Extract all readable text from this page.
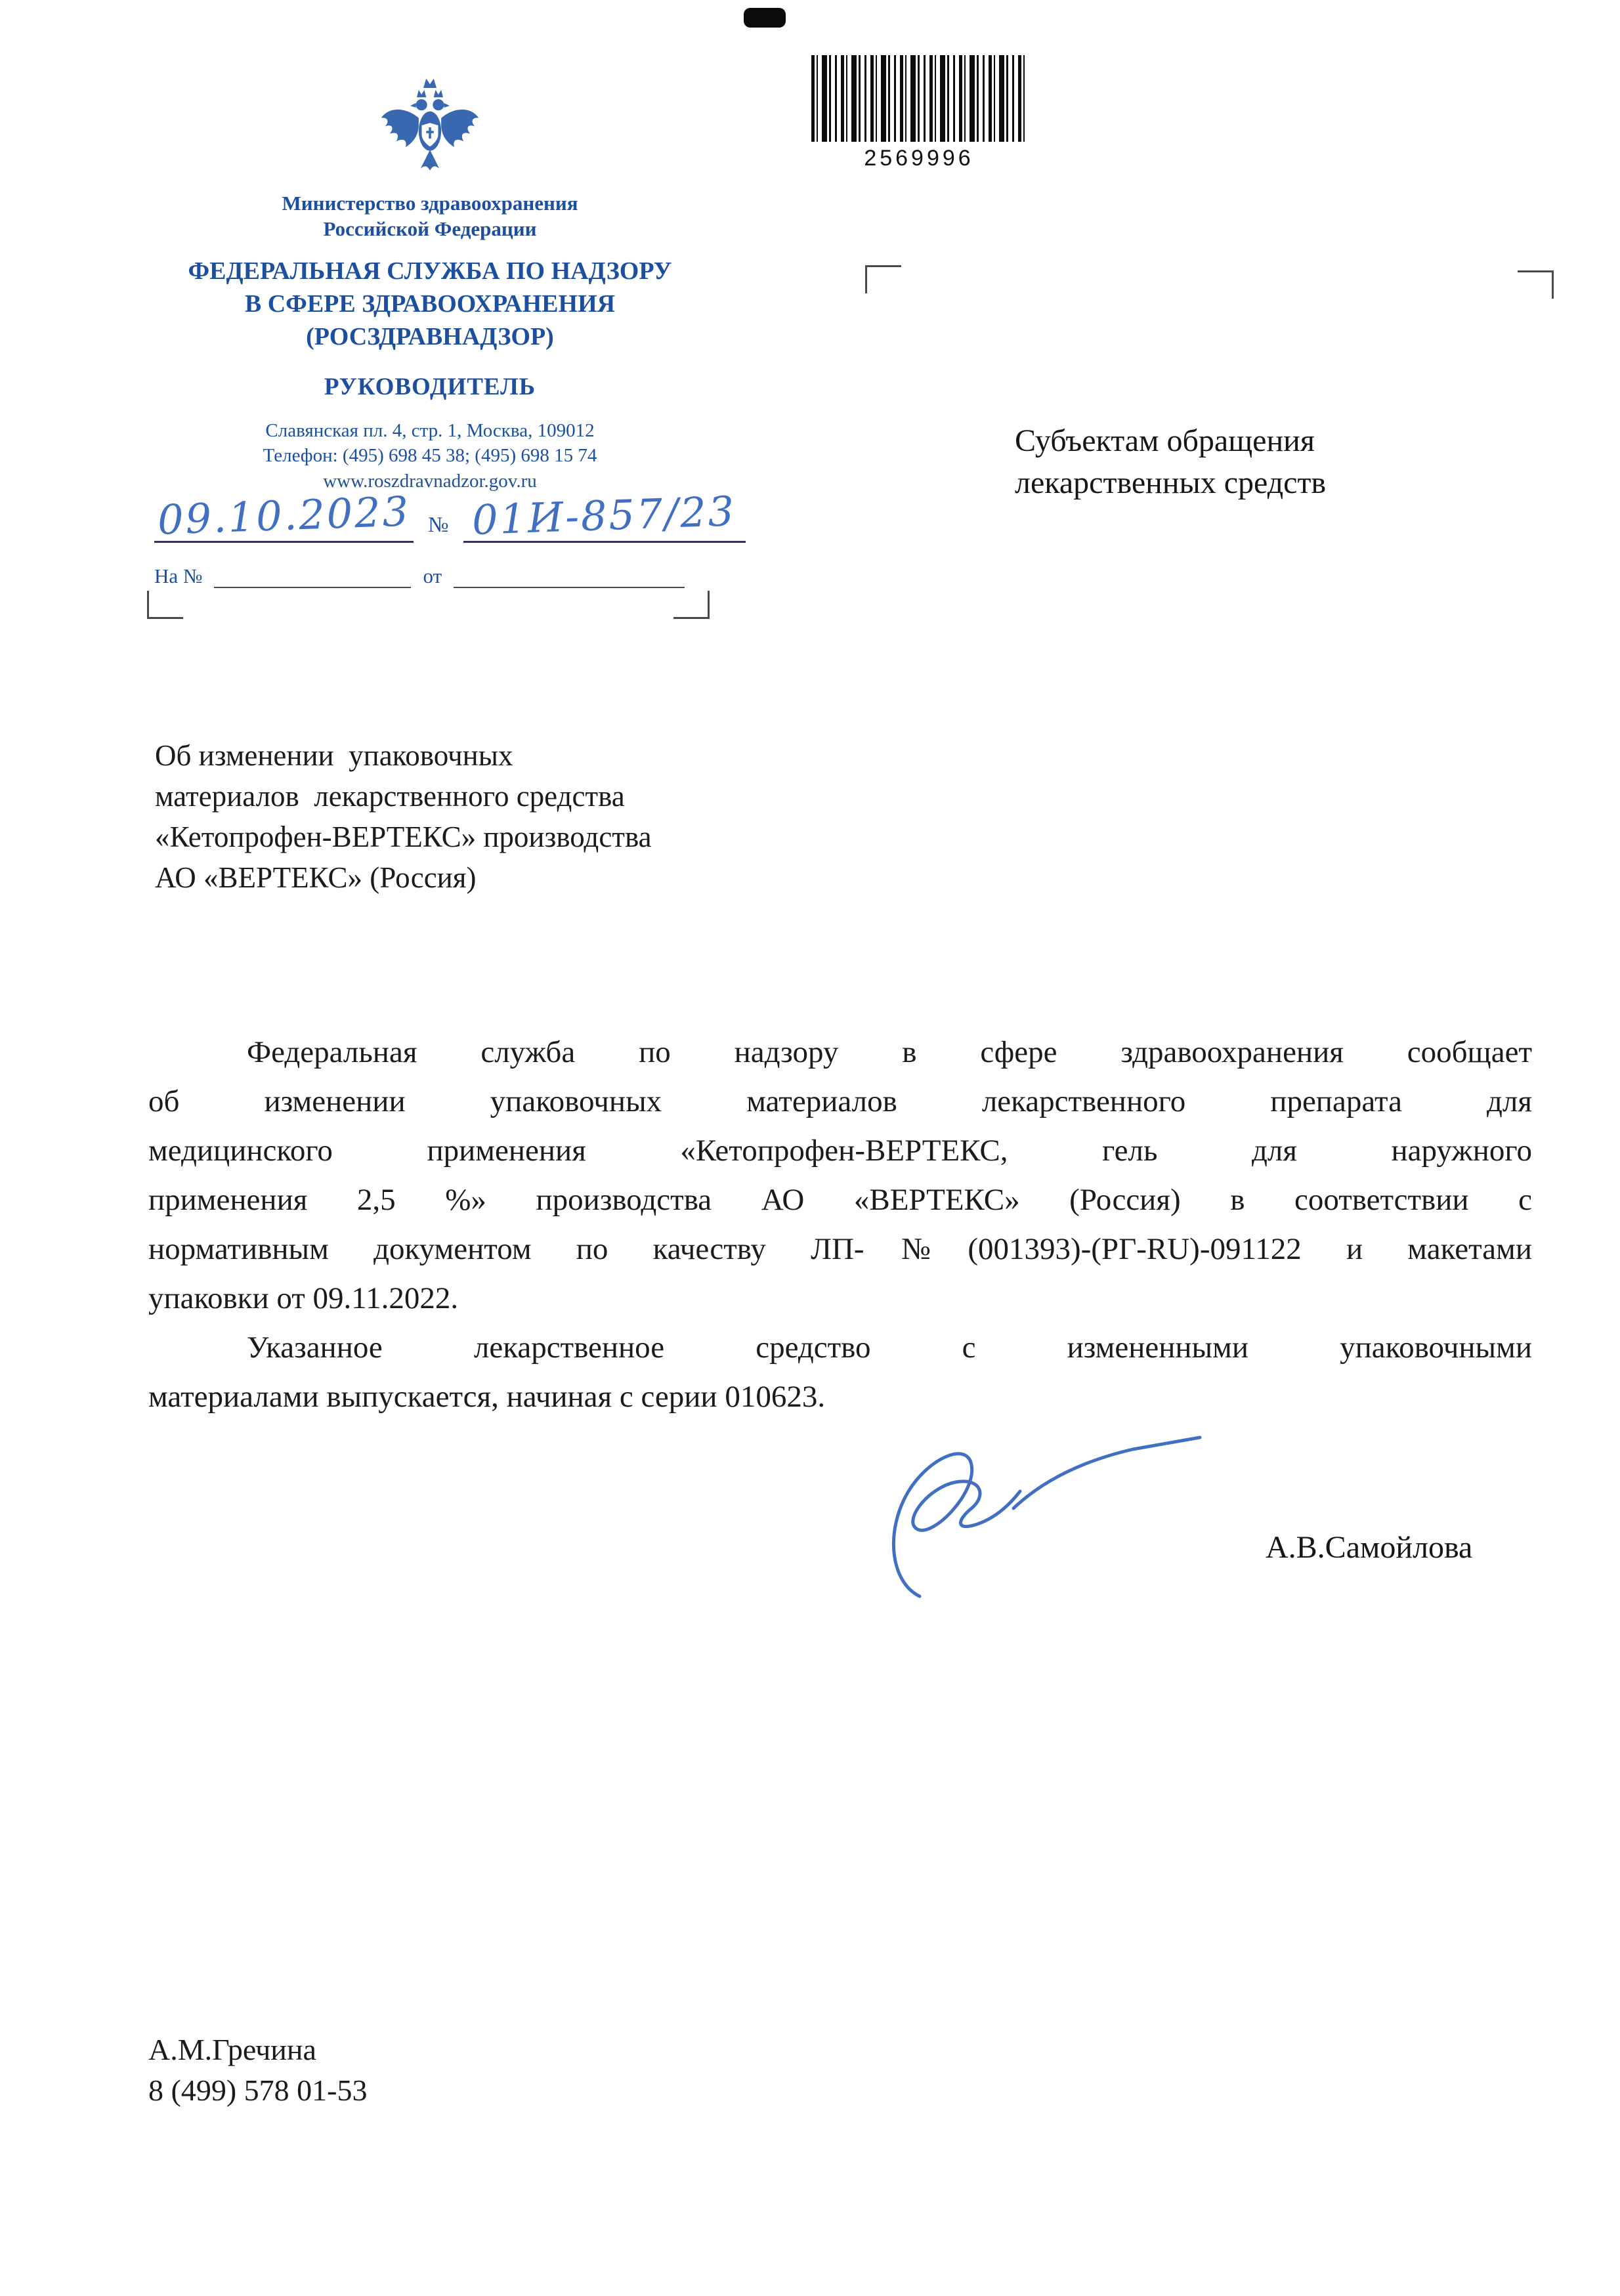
2569996
Министерство здравоохранения
Российской Федерации
ФЕДЕРАЛЬНАЯ СЛУЖБА ПО НАДЗОРУ
В СФЕРЕ ЗДРАВООХРАНЕНИЯ
(РОСЗДРАВНАДЗОР)
РУКОВОДИТЕЛЬ
Славянская пл. 4, стр. 1, Москва, 109012
Телефон: (495) 698 45 38; (495) 698 15 74
www.roszdravnadzor.gov.ru
09.10.2023 № 01И-857/23
На №	от
Субъектам обращения
лекарственных средств
Об изменении  упаковочных
материалов  лекарственного средства
«Кетопрофен-ВЕРТЕКС» производства
АО «ВЕРТЕКС» (Россия)
Федеральная служба по надзору в сфере здравоохранения сообщает
об изменении упаковочных материалов лекарственного препарата для
медицинского применения «Кетопрофен-ВЕРТЕКС, гель для наружного
применения 2,5 %» производства АО «ВЕРТЕКС» (Россия) в соответствии с
нормативным документом по качеству ЛП-№(001393)-(РГ-RU)-091122 и макетами
упаковки от 09.11.2022.
Указанное лекарственное средство с измененными упаковочными
материалами выпускается, начиная с серии 010623.
А.В.Самойлова
А.М.Гречина
8 (499) 578 01-53
